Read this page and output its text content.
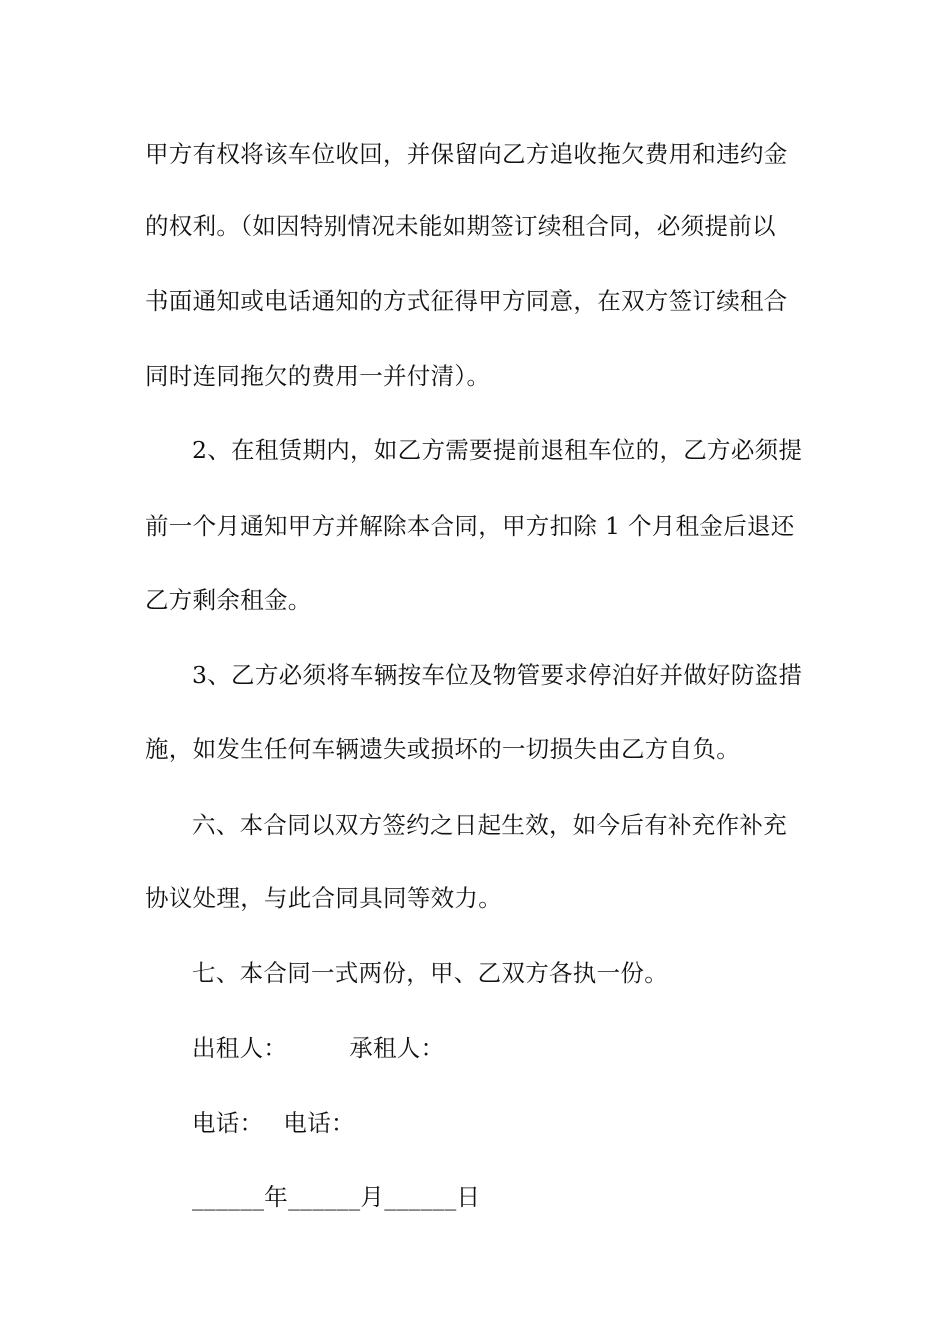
甲方有权将该车位收回，并保留向乙方追收拖欠费用和违约金
的权利。（如因特别情况未能如期签订续租合同，必须提前以
书面通知或电话通知的方式征得甲方同意，在双方签订续租合
同时连同拖欠的费用一并付清）。
2、在租赁期内，如乙方需要提前退租车位的，乙方必须提
前一个月通知甲方并解除本合同，甲方扣除 1 个月租金后退还
乙方剩余租金。
3、乙方必须将车辆按车位及物管要求停泊好并做好防盗措
施，如发生任何车辆遗失或损坏的一切损失由乙方自负。
六、本合同以双方签约之日起生效，如今后有补充作补充
协议处理，与此合同具同等效力。
七、本合同一式两份，甲、乙双方各执一份。
出租人：	承租人：
电话： 电话：
______年______月______日
